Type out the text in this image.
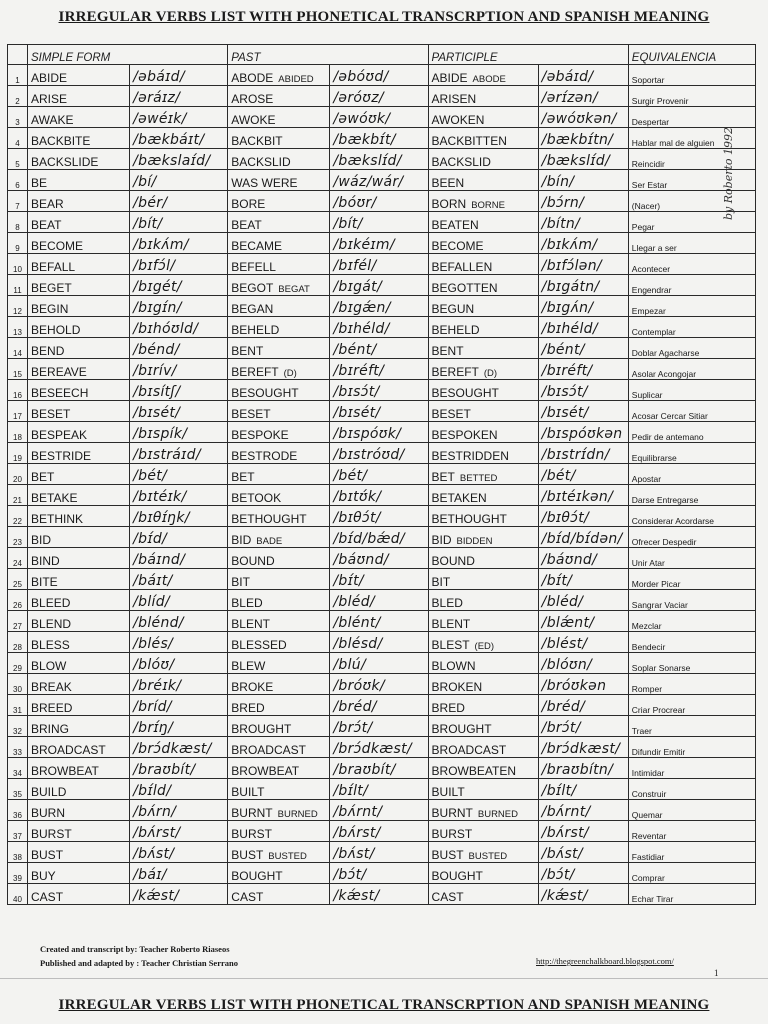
IRREGULAR VERBS LIST WITH PHONETICAL TRANSCRPTION AND SPANISH MEANING
	SIMPLE FORM		PAST		PARTICIPLE		EQUIVALENCIA
1	ABIDE	/əbáɪd/	ABODE ABIDED	/əbóʊd/	ABIDE ABODE	/əbáɪd/	Soportar
2	ARISE	/əráɪz/	AROSE	/əróʊz/	ARISEN	/ərɪ́zən/	Surgir Provenir
3	AWAKE	/əwéɪk/	AWOKE	/əwóʊk/	AWOKEN	/əwóʊkən/	Despertar
4	BACKBITE	/bækbáɪt/	BACKBIT	/bækbɪ́t/	BACKBITTEN	/bækbɪ́tn/	Hablar mal de alguien
5	BACKSLIDE	/bækslaɪ́d/	BACKSLID	/bækslɪ́d/	BACKSLID	/bækslɪ́d/	Reincidir
6	BE	/bí/	WAS WERE	/wáz/wár/	BEEN	/bín/	Ser Estar
7	BEAR	/bér/	BORE	/bóʊr/	BORN BORNE	/bɔ́rn/	(Nacer)
8	BEAT	/bít/	BEAT	/bít/	BEATEN	/bítn/	Pegar
9	BECOME	/bɪkʌ́m/	BECAME	/bɪkéɪm/	BECOME	/bɪkʌ́m/	Llegar a ser
10	BEFALL	/bɪfɔ́l/	BEFELL	/bɪfél/	BEFALLEN	/bɪfɔ́lən/	Acontecer
11	BEGET	/bɪgét/	BEGOT BEGAT	/bɪgát/	BEGOTTEN	/bɪgátn/	Engendrar
12	BEGIN	/bɪgɪ́n/	BEGAN	/bɪgǽn/	BEGUN	/bɪgʌ́n/	Empezar
13	BEHOLD	/bɪhóʊld/	BEHELD	/bɪhéld/	BEHELD	/bɪhéld/	Contemplar
14	BEND	/bénd/	BENT	/bént/	BENT	/bént/	Doblar Agacharse
15	BEREAVE	/bɪrív/	BEREFT (D)	/bɪréft/	BEREFT (D)	/bɪréft/	Asolar Acongojar
16	BESEECH	/bɪsítʃ/	BESOUGHT	/bɪsɔ́t/	BESOUGHT	/bɪsɔ́t/	Suplicar
17	BESET	/bɪsét/	BESET	/bɪsét/	BESET	/bɪsét/	Acosar Cercar Sitiar
18	BESPEAK	/bɪspík/	BESPOKE	/bɪspóʊk/	BESPOKEN	/bɪspóʊkən	Pedir de antemano
19	BESTRIDE	/bɪstráɪd/	BESTRODE	/bɪstróʊd/	BESTRIDDEN	/bɪstrɪ́dn/	Equilibrarse
20	BET	/bét/	BET	/bét/	BET BETTED	/bét/	Apostar
21	BETAKE	/bɪtéɪk/	BETOOK	/bɪtʊ́k/	BETAKEN	/bɪtéɪkən/	Darse Entregarse
22	BETHINK	/bɪθɪ́ŋk/	BETHOUGHT	/bɪθɔ́t/	BETHOUGHT	/bɪθɔ́t/	Considerar Acordarse
23	BID	/bɪ́d/	BID BADE	/bɪ́d/bǽd/	BID BIDDEN	/bɪ́d/bɪ́dən/	Ofrecer Despedir
24	BIND	/báɪnd/	BOUND	/báʊnd/	BOUND	/báʊnd/	Unir Atar
25	BITE	/báɪt/	BIT	/bɪ́t/	BIT	/bɪ́t/	Morder Picar
26	BLEED	/blíd/	BLED	/bléd/	BLED	/bléd/	Sangrar Vaciar
27	BLEND	/blénd/	BLENT	/blént/	BLENT	/blǽnt/	Mezclar
28	BLESS	/blés/	BLESSED	/blésd/	BLEST (ED)	/blést/	Bendecir
29	BLOW	/blóʊ/	BLEW	/blú/	BLOWN	/blóʊn/	Soplar Sonarse
30	BREAK	/bréɪk/	BROKE	/bróʊk/	BROKEN	/bróʊkən	Romper
31	BREED	/bríd/	BRED	/bréd/	BRED	/bréd/	Criar Procrear
32	BRING	/brɪ́ŋ/	BROUGHT	/brɔ́t/	BROUGHT	/brɔ́t/	Traer
33	BROADCAST	/brɔ́dkæst/	BROADCAST	/brɔ́dkæst/	BROADCAST	/brɔ́dkæst/	Difundir Emitir
34	BROWBEAT	/braʊbít/	BROWBEAT	/braʊbít/	BROWBEATEN	/braʊbítn/	Intimidar
35	BUILD	/bɪ́ld/	BUILT	/bɪ́lt/	BUILT	/bɪ́lt/	Construir
36	BURN	/bʌ́rn/	BURNT BURNED	/bʌ́rnt/	BURNT BURNED	/bʌ́rnt/	Quemar
37	BURST	/bʌ́rst/	BURST	/bʌ́rst/	BURST	/bʌ́rst/	Reventar
38	BUST	/bʌ́st/	BUST BUSTED	/bʌ́st/	BUST BUSTED	/bʌ́st/	Fastidiar
39	BUY	/báɪ/	BOUGHT	/bɔ́t/	BOUGHT	/bɔ́t/	Comprar
40	CAST	/kǽst/	CAST	/kǽst/	CAST	/kǽst/	Echar Tirar
by Roberto 1992
Created and transcript by: Teacher Roberto Riaseos
Published and adapted by : Teacher Christian Serrano	http://thegreenchalkboard.blogspot.com/
1
IRREGULAR VERBS LIST WITH PHONETICAL TRANSCRPTION AND SPANISH MEANING
